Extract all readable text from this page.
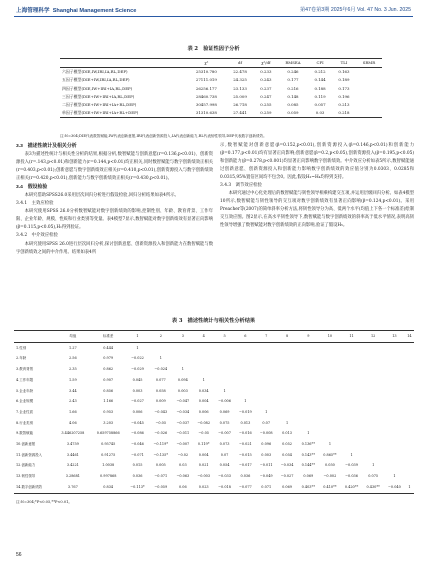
上海管理科学 Shanghai Management Science	第47卷第3期 2025年6月 Vol. 47 No. 3 Jun. 2025
表 2　验证性因子分析
	χ²	df	χ²/df	RMSEA	CFI	TLI	SRMR
六因子模型(DIE,IW,IRI,IA,RL,DEP)	25310.780	22.478	0.233	0.246	0.212	0.163	
五因子模型(DIE+IW,IRI,IA,RL,DEP)	27111.019	24.325	0.243	0.177	0.144	0.189	
四因子模型(DIE,IW+IRI+IA,RL,DEP)	26256.177	23.133	0.237	0.216	0.188	0.173	
三因子模型(DIE+IW+IRI+IA,RL,DEP)	28460.738	25.009	0.247	0.148	0.119	0.196	
二因子模型(DIE+IW+IRI+IA+RL,DEP)	30457.998	26.718	0.255	0.085	0.057	0.213	
单因子模型(DIE+IW+IRI+IA+RL+DEP)	31310.638	27.441	0.259	0.059	0.03	0.218	
注:N=304;DIE代表数智赋能,IW代表创新意愿,IRI代表创新资源投入,IA代表创新能力,RL代表韧性领导,DEP代表数字创新绩效。

3.3　描述性统计及相关分析

表3为描述性统计与相关性分析的结果,根据分析,数智赋能与创新意愿(r=0.136,p<0.01)、创新资源投入(r=.143,p<0.01)和创新能力(r=0.144,p<0.01)均正相关,同时数智赋能与数字创新绩效正相关(r=0.403,p<0.01);创新意愿与数字创新绩效正相关(r=0.410,p<0.01),创新资源投入与数字创新绩效正相关(r=0.420,p<0.01),创新能力与数字创新绩效正相关(r=0.430,p<0.01)。

3.4　假设检验

本研究借助SPSS26.0采用层次回归分析进行假设检验,回归分析结果如表4所示。

3.4.1　主效应检验

本研究使用SPSS 26.0分析数智赋能对数字创新绩效的影响,控制性别、年龄、教育背景、工作年限、企业年龄、规模、性质和行业类别等变量。表4模型7显示,数智赋能对数字创新绩效有显著正向影响(β=0.115,p<0.05),H₁得到验证。

3.4.2　中介效应检验

本研究使用SPSS 26.0进行层次回归分析,探讨创新意愿、创新资源投入和创新能力在数智赋能与数字创新绩效之间的中介作用。结果如表4所

示,数智赋能对创新意愿(β=0.152,p<0.01),创新资源投入(β=0.146,p<0.01)和创新能力(β=0.177,p<0.01)均有显著正向影响;创新意愿(β=0.2,p<0.05),创新资源投入(β=0.195,p<0.05)和创新能力(β=0.278,p<0.001)均显著正向影响数字创新绩效。中介效应分析如表5所示,数智赋能通过创新意愿、创新资源投入和创新能力影响数字创新绩效的效应值分别为0.0303、0.0285和0.0315,95%置信区间均不包含0。因此,假设H₂~H₄均得到支持。

3.4.3　调节效应检验

本研究通过中心化处理后的数智赋能与韧性领导相乘构建交互项,并运用层级回归分析。如表4模型10所示,数智赋能与韧性领导的交互项对数字创新绩效有显著正向影响(β=0.124,p<0.01)。采用Preacher等(2007)的简单斜率分析方法,将韧性领导分为高、低两个水平(均值上下各一个标准差)绘制交互效应图。图2显示,在高水平韧性领导下,数智赋能与数字创新绩效的斜率高于低水平情况,表明高韧性领导增强了数智赋能对数字创新绩效的正向影响,验证了假设H₅。

表 3　描述性统计与相关性分析结果
	均值	标准差	1	2	3	4	5	6	7	8	9	10	11	12	13	14
1.性别	1.27	0.444	1													
2.年龄	2.56	0.979	−0.022	1												
3.教育背景	2.35	0.862	−0.029	−0.024	1											
4.工作年限	1.59	0.907	0.045	0.077	0.094	1										
5.企业年龄	3.44	0.856	0.003	0.058	0.003	0.034	1									
6.企业规模	2.43	1.166	−0.027	0.009	−0.047	0.004	−0.006	1								
7.企业性质	1.66	0.953	0.006	−0.043	−0.034	0.006	0.069	−0.019	1							
8.行业类别	4.06	3.203	−0.045	−0.05	−0.037	−0.082	0.075	0.013	0.07	1						
9.数智赋能	3.446207258	0.659758866	−0.086	−0.026	−0.011	−0.05	−0.007	−0.016	−0.008	0.013	1					
10.创新意愿	3.4759	0.95745	−0.046	−0.119*	−0.007	0.119*	0.073	−0.021	0.096	0.052	0.136**	1				
11.创新资源投入	3.4461	0.91275	−0.071	−0.135*	−0.02	0.004	0.07	−0.015	0.003	0.054	0.143**	0.865**	1			
12.创新能力	3.4221	1.0038	0.015	0.005	0.03	0.021	0.054	−0.017	−0.011	−0.034	0.144**	0.050	−0.039	1		
13.韧性领导	3.28681	0.997868	0.036	−0.071	−0.063	−0.003	−0.033	0.036	−0.049	−0.027	0.069	−0.002	−0.036	0.075	1	
14.数字创新绩效	3.767	0.834	−0.113*	−0.059	0.06	0.023	−0.018	−0.077	0.071	0.069	0.403**	0.410**	0.420**	0.430**	−0.040	1
注:N=304;*P<0.05,**P<0.01。
56
